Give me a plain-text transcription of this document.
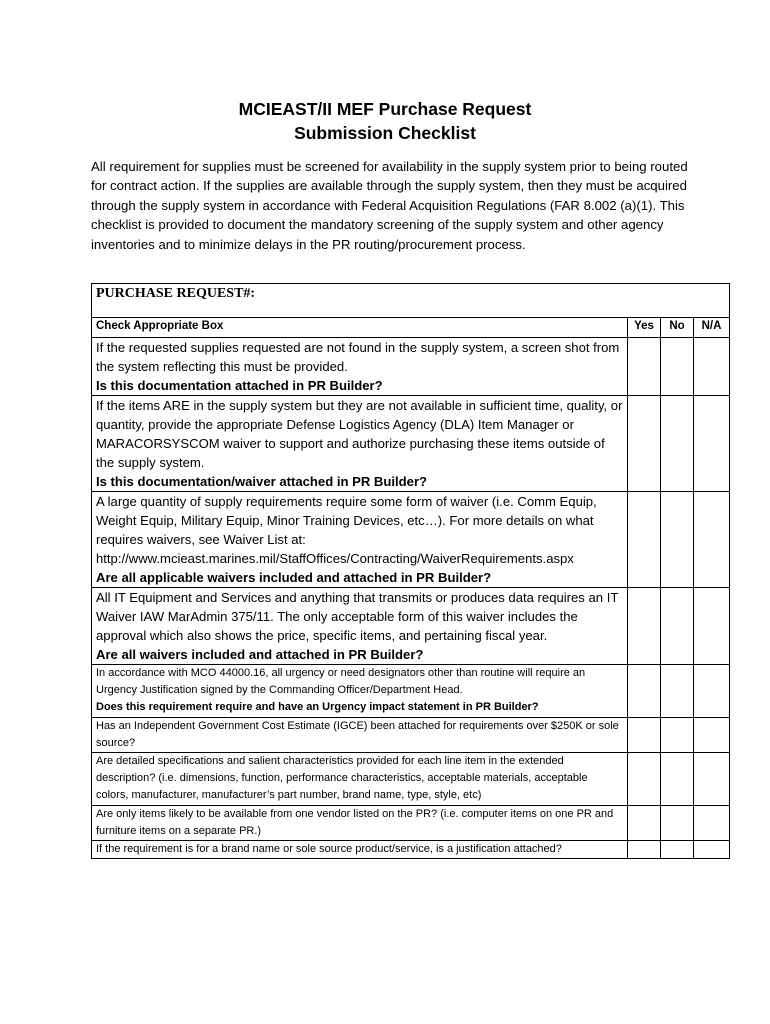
MCIEAST/II MEF Purchase Request
Submission Checklist

All requirement for supplies must be screened for availability in the supply system prior to being routed for contract action. If the supplies are available through the supply system, then they must be acquired through the supply system in accordance with Federal Acquisition Regulations (FAR 8.002 (a)(1). This checklist is provided to document the mandatory screening of the supply system and other agency inventories and to minimize delays in the PR routing/procurement process.

PURCHASE REQUEST#:			
Check Appropriate Box	Yes	No	N/A

If the requested supplies requested are not found in the supply system, a screen shot from the system reflecting this must be provided.
Is this documentation attached in PR Builder?			

If the items ARE in the supply system but they are not available in sufficient time, quality, or quantity, provide the appropriate Defense Logistics Agency (DLA) Item Manager or MARACORSYSCOM waiver to support and authorize purchasing these items outside of the supply system.
Is this documentation/waiver attached in PR Builder?			

A large quantity of supply requirements require some form of waiver (i.e. Comm Equip, Weight Equip, Military Equip, Minor Training Devices, etc…). For more details on what requires waivers, see Waiver List at:
http://www.mcieast.marines.mil/StaffOffices/Contracting/WaiverRequirements.aspx
Are all applicable waivers included and attached in PR Builder?			

All IT Equipment and Services and anything that transmits or produces data requires an IT Waiver IAW MarAdmin 375/11. The only acceptable form of this waiver includes the approval which also shows the price, specific items, and pertaining fiscal year.
Are all waivers included and attached in PR Builder?			

In accordance with MCO 44000.16, all urgency or need designators other than routine will require an Urgency Justification signed by the Commanding Officer/Department Head.
Does this requirement require and have an Urgency impact statement in PR Builder?			

Has an Independent Government Cost Estimate (IGCE) been attached for requirements over $250K or sole source?			

Are detailed specifications and salient characteristics provided for each line item in the extended description? (i.e. dimensions, function, performance characteristics, acceptable materials, acceptable colors, manufacturer, manufacturer’s part number, brand name, type, style, etc)			

Are only items likely to be available from one vendor listed on the PR? (i.e. computer items on one PR and furniture items on a separate PR.)			

If the requirement is for a brand name or sole source product/service, is a justification attached?			
